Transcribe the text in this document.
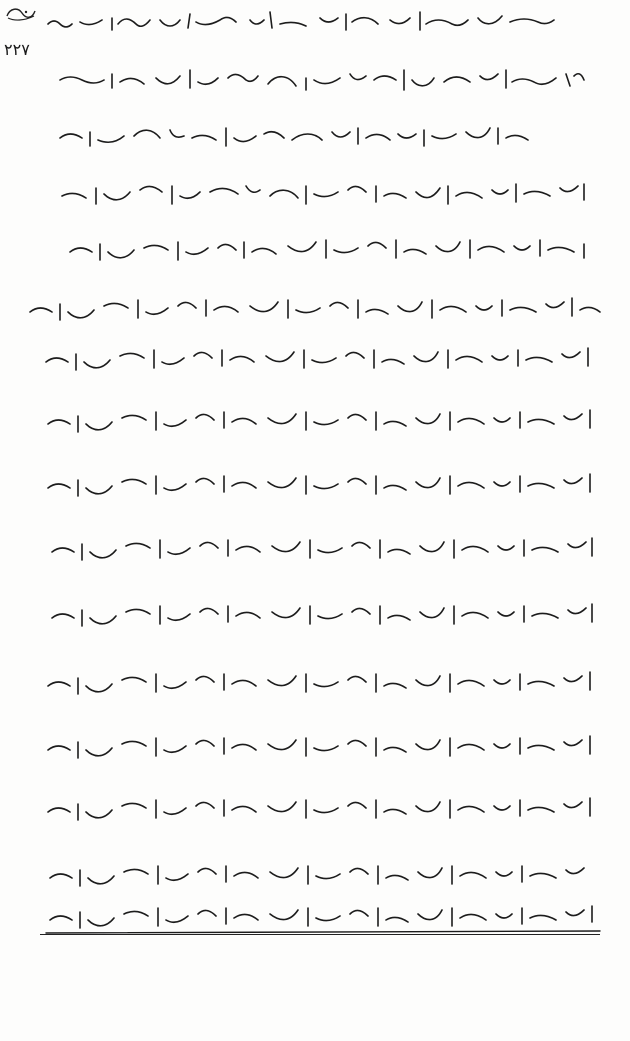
۲۲۷
